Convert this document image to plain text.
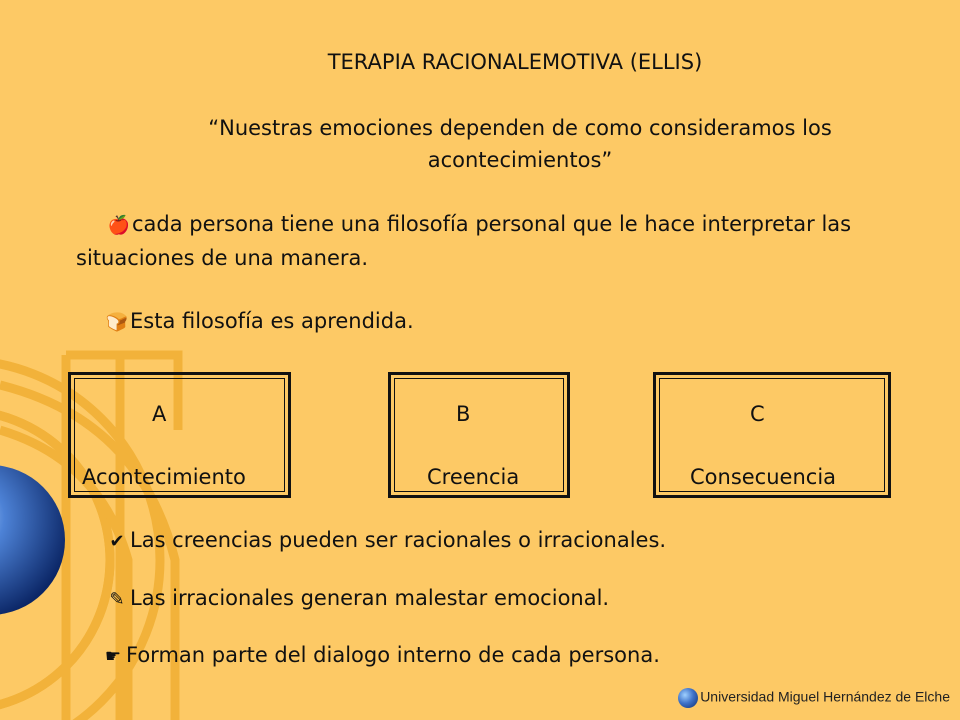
TERAPIA RACIONALEMOTIVA (ELLIS)
“Nuestras emociones dependen de como consideramos los
acontecimientos”
🍎cada persona tiene una filosofía personal que le hace interpretar las
situaciones de una manera.
🍞Esta filosofía es aprendida.
A
Acontecimiento
B
Creencia
C
Consecuencia
✔ Las creencias pueden ser racionales o irracionales.
✎ Las irracionales generan malestar emocional.
☛ Forman parte del dialogo interno de cada persona.
Universidad Miguel Hernández de Elche
